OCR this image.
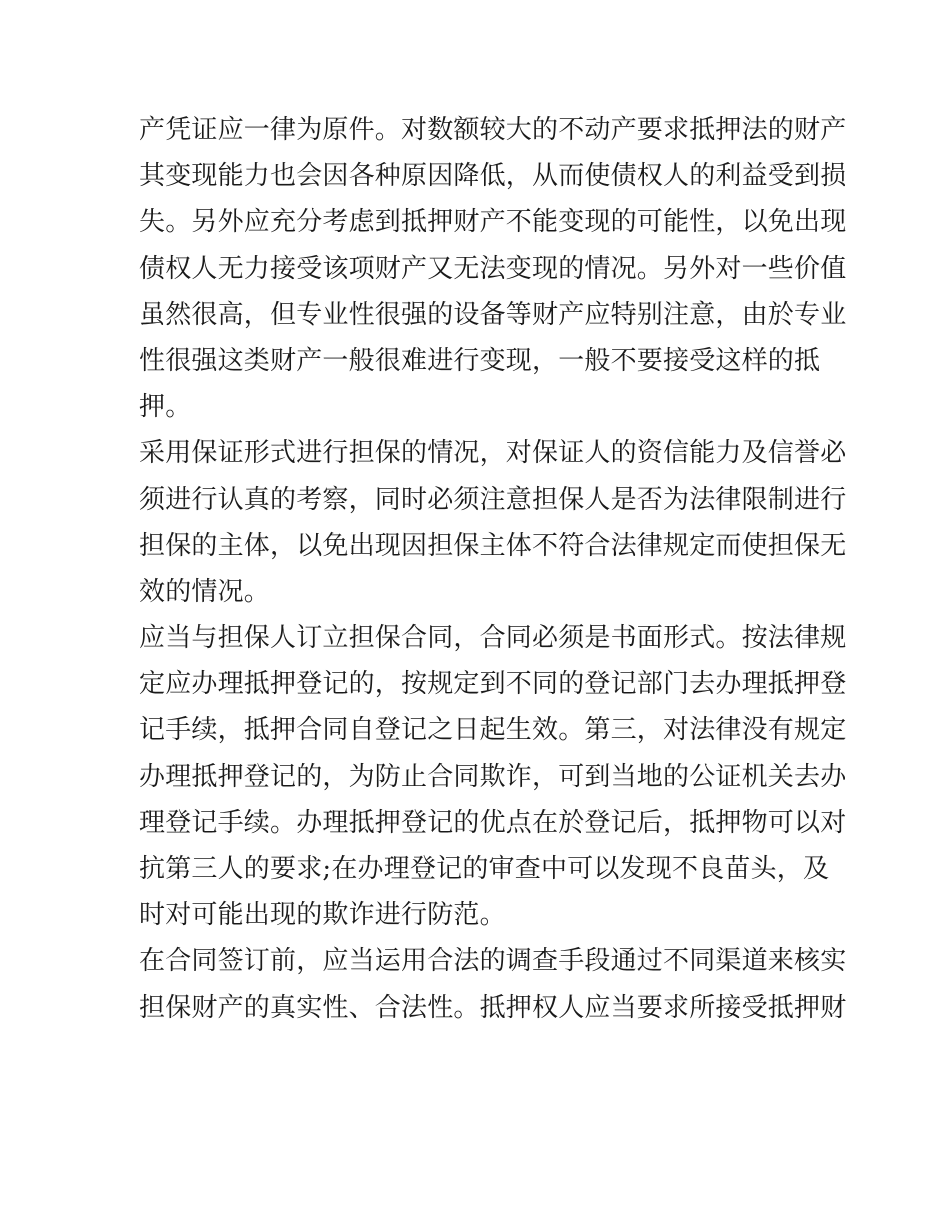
产凭证应一律为原件。对数额较大的不动产要求抵押法的财产
其变现能力也会因各种原因降低，从而使债权人的利益受到损
失。另外应充分考虑到抵押财产不能变现的可能性，以免出现
债权人无力接受该项财产又无法变现的情况。另外对一些价值
虽然很高，但专业性很强的设备等财产应特别注意，由於专业
性很强这类财产一般很难进行变现，一般不要接受这样的抵
押。
采用保证形式进行担保的情况，对保证人的资信能力及信誉必
须进行认真的考察，同时必须注意担保人是否为法律限制进行
担保的主体，以免出现因担保主体不符合法律规定而使担保无
效的情况。
应当与担保人订立担保合同，合同必须是书面形式。按法律规
定应办理抵押登记的，按规定到不同的登记部门去办理抵押登
记手续，抵押合同自登记之日起生效。第三，对法律没有规定
办理抵押登记的，为防止合同欺诈，可到当地的公证机关去办
理登记手续。办理抵押登记的优点在於登记后，抵押物可以对
抗第三人的要求;在办理登记的审查中可以发现不良苗头，及
时对可能出现的欺诈进行防范。
在合同签订前，应当运用合法的调查手段通过不同渠道来核实
担保财产的真实性、合法性。抵押权人应当要求所接受抵押财
